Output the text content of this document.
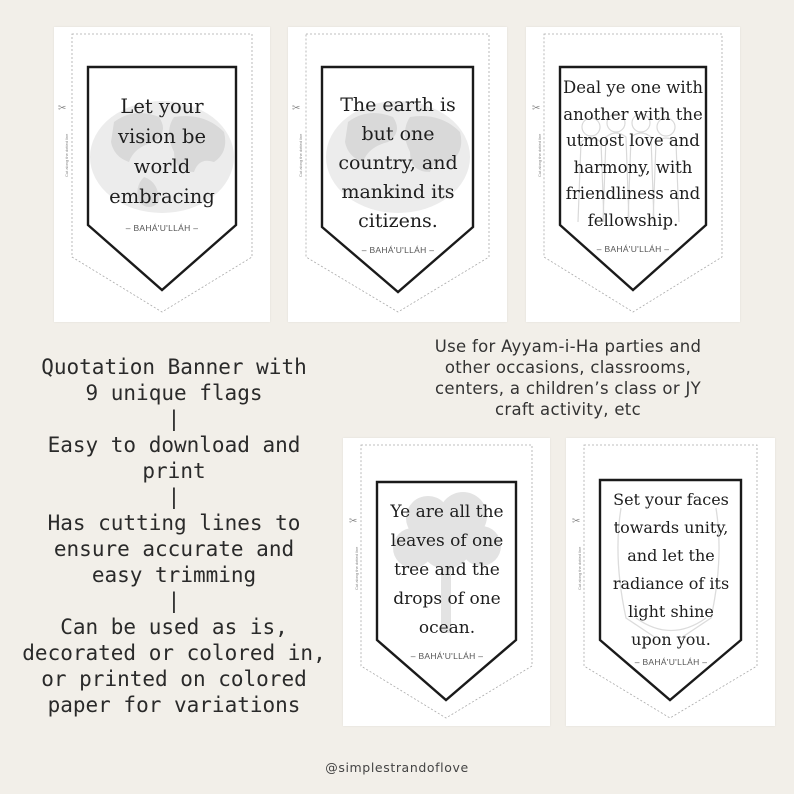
✂
Cut along the dotted line
Let your
vision be
world
embracing
– BAHÁ'U'LLÁH –
✂
Cut along the dotted line
The earth is
but one
country, and
mankind its
citizens.
– BAHÁ'U'LLÁH –
✂
Cut along the dotted line
Deal ye one with
another with the
utmost love and
harmony, with
friendliness and
fellowship.
– BAHÁ'U'LLÁH –
✂
Cut along the dotted line
Ye are all the
leaves of one
tree and the
drops of one
ocean.
– BAHÁ'U'LLÁH –
✂
Cut along the dotted line
Set your faces
towards unity,
and let the
radiance of its
light shine
upon you.
– BAHÁ'U'LLÁH –
Quotation Banner with
9 unique flags
|
Easy to download and
print
|
Has cutting lines to
ensure accurate and
easy trimming
|
Can be used as is,
decorated or colored in,
or printed on colored
paper for variations
Use for Ayyam-i-Ha parties and
other occasions, classrooms,
centers, a children’s class or JY
craft activity, etc
@simplestrandoflove
